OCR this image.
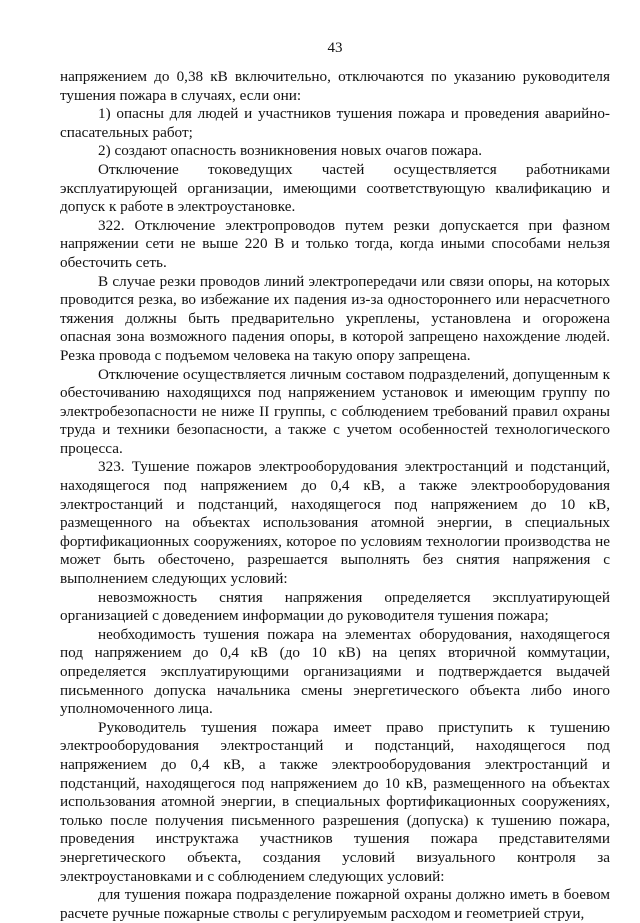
43

напряжением до 0,38 кВ включительно, отключаются по указанию руководителя тушения пожара в случаях, если они:

1) опасны для людей и участников тушения пожара и проведения аварийно-спасательных работ;

2) создают опасность возникновения новых очагов пожара.

Отключение токоведущих частей осуществляется работниками эксплуатирующей организации, имеющими соответствующую квалификацию и допуск к работе в электроустановке.

322. Отключение электропроводов путем резки допускается при фазном напряжении сети не выше 220 В и только тогда, когда иными способами нельзя обесточить сеть.

В случае резки проводов линий электропередачи или связи опоры, на которых проводится резка, во избежание их падения из-за одностороннего или нерасчетного тяжения должны быть предварительно укреплены, установлена и огорожена опасная зона возможного падения опоры, в которой запрещено нахождение людей. Резка провода с подъемом человека на такую опору запрещена.

Отключение осуществляется личным составом подразделений, допущенным к обесточиванию находящихся под напряжением установок и имеющим группу по электробезопасности не ниже II группы, с соблюдением требований правил охраны труда и техники безопасности, а также с учетом особенностей технологического процесса.

323. Тушение пожаров электрооборудования электростанций и подстанций, находящегося под напряжением до 0,4 кВ, а также электрооборудования электростанций и подстанций, находящегося под напряжением до 10 кВ, размещенного на объектах использования атомной энергии, в специальных фортификационных сооружениях, которое по условиям технологии производства не может быть обесточено, разрешается выполнять без снятия напряжения с выполнением следующих условий:

невозможность снятия напряжения определяется эксплуатирующей организацией с доведением информации до руководителя тушения пожара;

необходимость тушения пожара на элементах оборудования, находящегося под напряжением до 0,4 кВ (до 10 кВ) на цепях вторичной коммутации, определяется эксплуатирующими организациями и подтверждается выдачей письменного допуска начальника смены энергетического объекта либо иного уполномоченного лица.

Руководитель тушения пожара имеет право приступить к тушению электрооборудования электростанций и подстанций, находящегося под напряжением до 0,4 кВ, а также электрооборудования электростанций и подстанций, находящегося под напряжением до 10 кВ, размещенного на объектах использования атомной энергии, в специальных фортификационных сооружениях, только после получения письменного разрешения (допуска) к тушению пожара, проведения инструктажа участников тушения пожара представителями энергетического объекта, создания условий визуального контроля за электроустановками и с соблюдением следующих условий:

для тушения пожара подразделение пожарной охраны должно иметь в боевом расчете ручные пожарные стволы с регулируемым расходом и геометрией струи,
